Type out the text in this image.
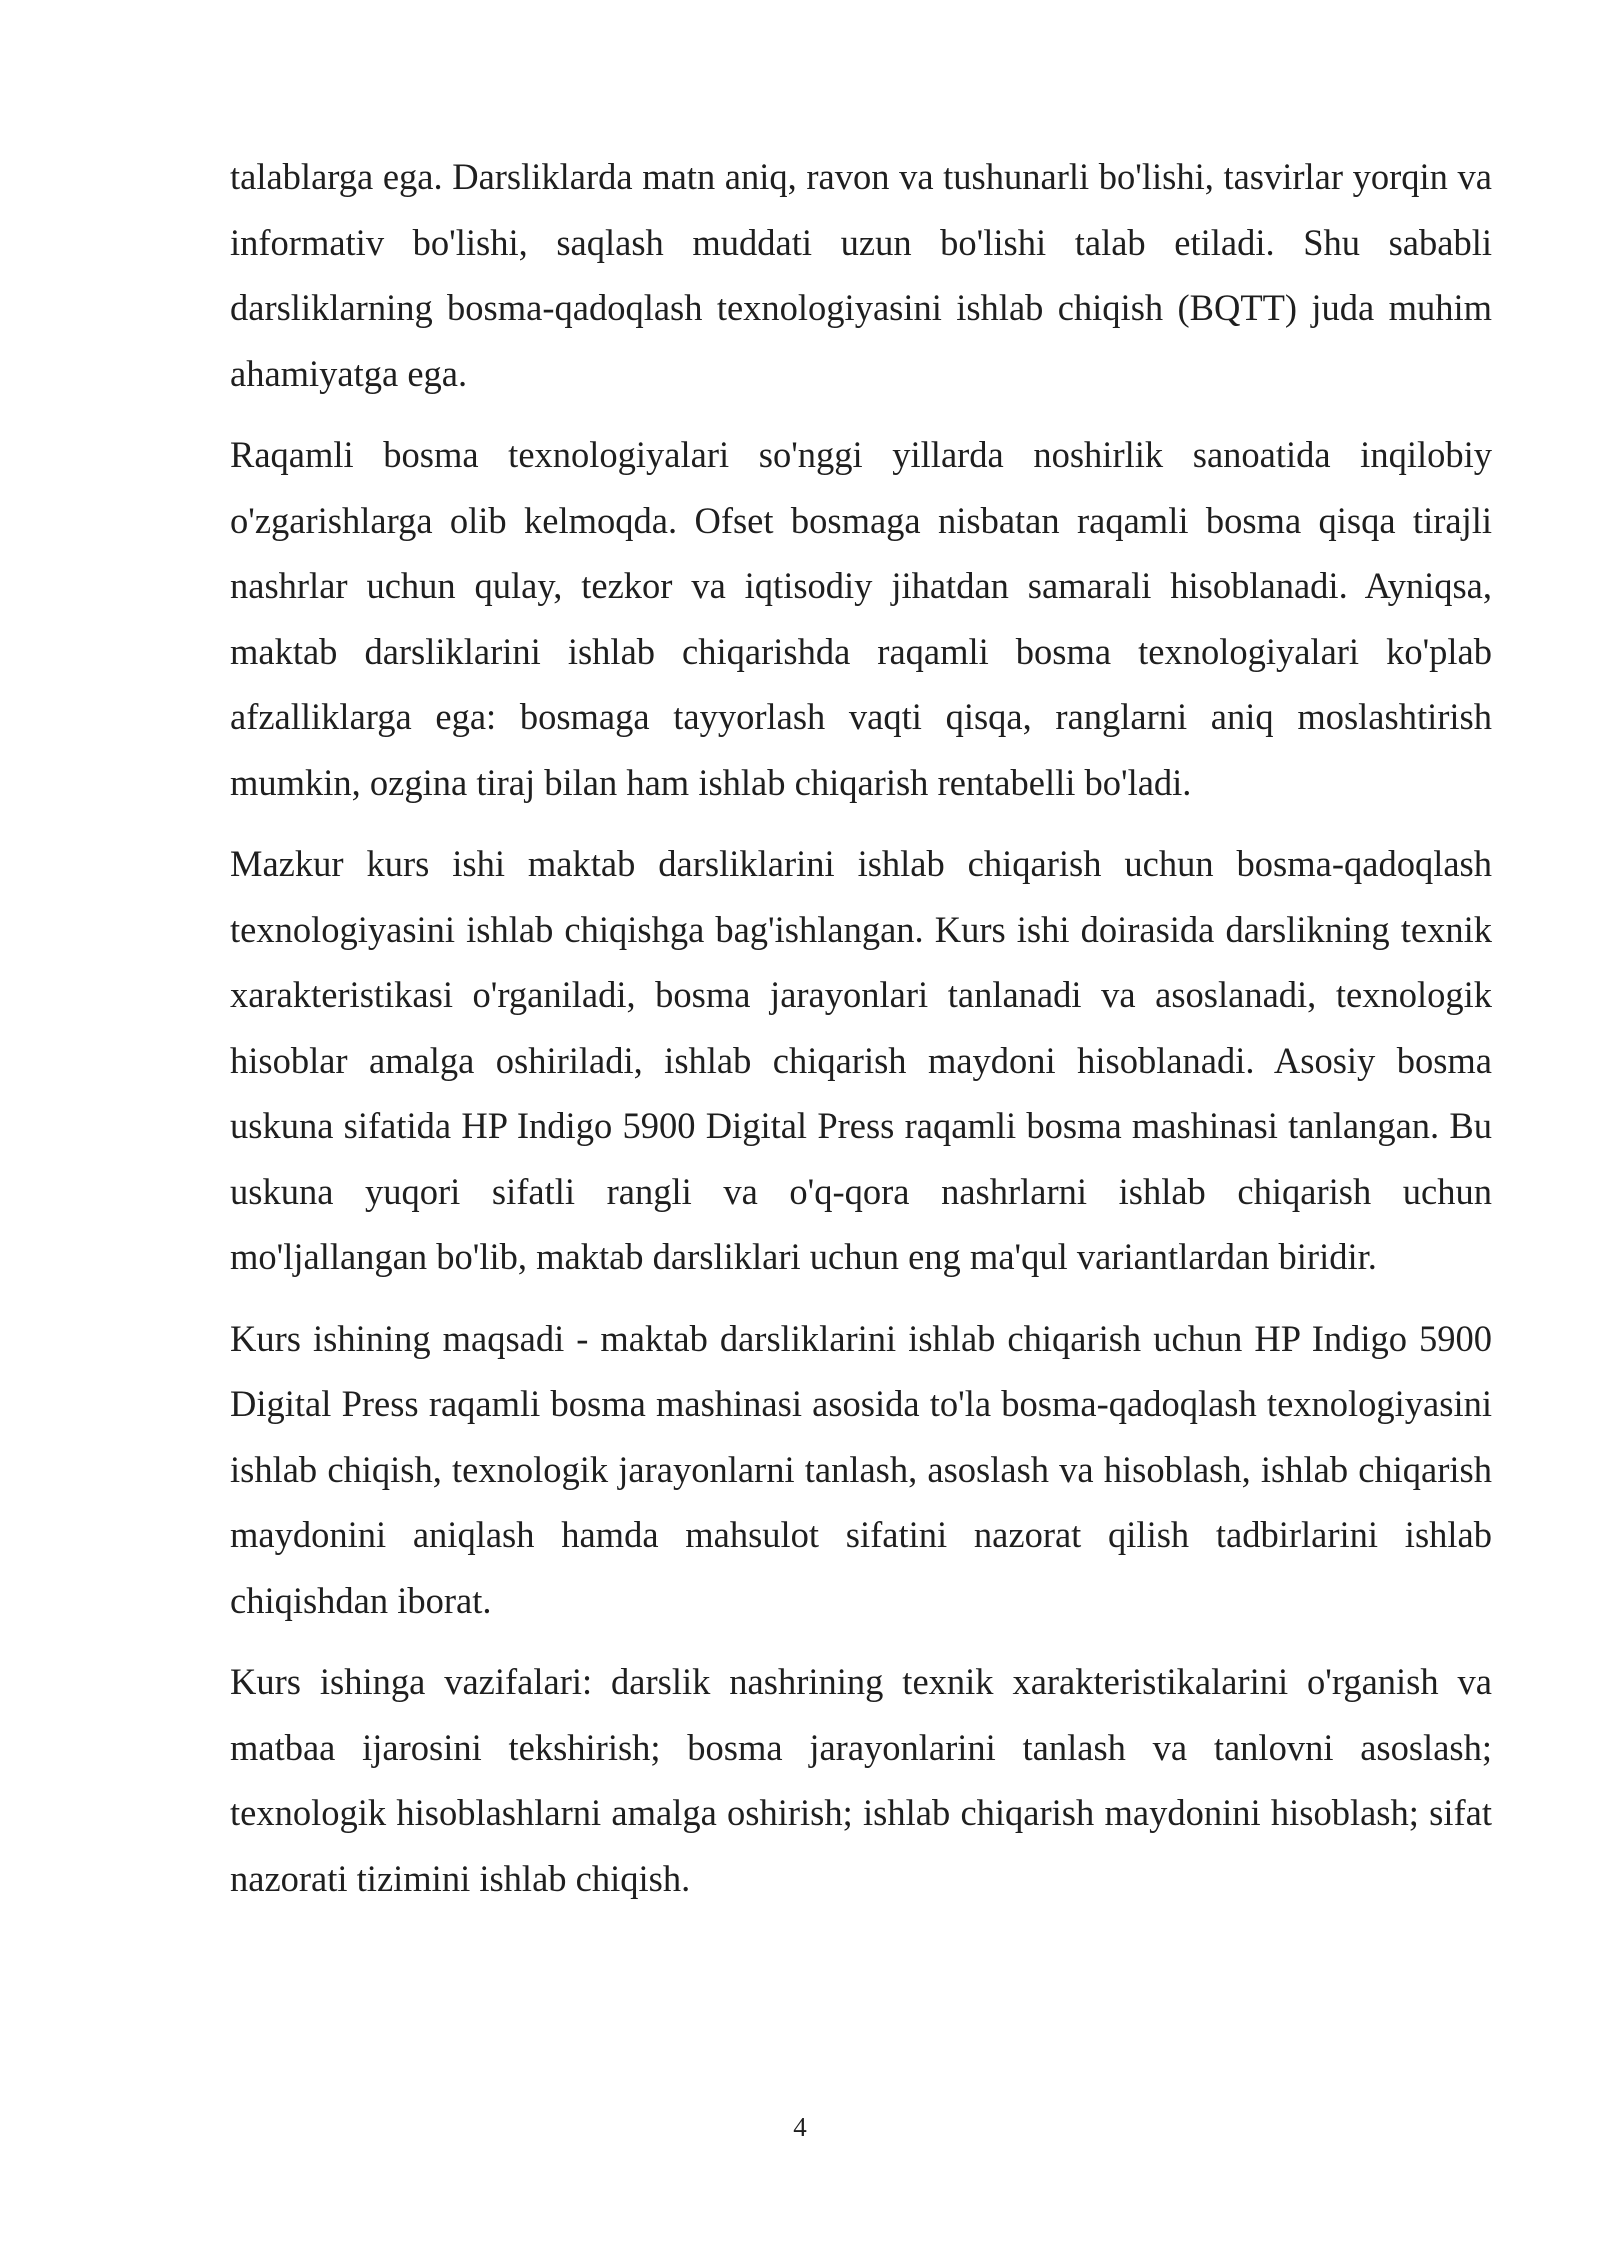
talablarga ega. Darsliklarda matn aniq, ravon va tushunarli bo'lishi, tasvirlar yorqin va informativ bo'lishi, saqlash muddati uzun bo'lishi talab etiladi. Shu sababli darsliklarning bosma-qadoqlash texnologiyasini ishlab chiqish (BQTT) juda muhim ahamiyatga ega.

Raqamli bosma texnologiyalari so'nggi yillarda noshirlik sanoatida inqilobiy o'zgarishlarga olib kelmoqda. Ofset bosmaga nisbatan raqamli bosma qisqa tirajli nashrlar uchun qulay, tezkor va iqtisodiy jihatdan samarali hisoblanadi. Ayniqsa, maktab darsliklarini ishlab chiqarishda raqamli bosma texnologiyalari ko'plab afzalliklarga ega: bosmaga tayyorlash vaqti qisqa, ranglarni aniq moslashtirish mumkin, ozgina tiraj bilan ham ishlab chiqarish rentabelli bo'ladi.

Mazkur kurs ishi maktab darsliklarini ishlab chiqarish uchun bosma-qadoqlash texnologiyasini ishlab chiqishga bag'ishlangan. Kurs ishi doirasida darslikning texnik xarakteristikasi o'rganiladi, bosma jarayonlari tanlanadi va asoslanadi, texnologik hisoblar amalga oshiriladi, ishlab chiqarish maydoni hisoblanadi. Asosiy bosma uskuna sifatida HP Indigo 5900 Digital Press raqamli bosma mashinasi tanlangan. Bu uskuna yuqori sifatli rangli va o'q-qora nashrlarni ishlab chiqarish uchun mo'ljallangan bo'lib, maktab darsliklari uchun eng ma'qul variantlardan biridir.

Kurs ishining maqsadi - maktab darsliklarini ishlab chiqarish uchun HP Indigo 5900 Digital Press raqamli bosma mashinasi asosida to'la bosma-qadoqlash texnologiyasini ishlab chiqish, texnologik jarayonlarni tanlash, asoslash va hisoblash, ishlab chiqarish maydonini aniqlash hamda mahsulot sifatini nazorat qilish tadbirlarini ishlab chiqishdan iborat.

Kurs ishinga vazifalari: darslik nashrining texnik xarakteristikalarini o'rganish va matbaa ijarosini tekshirish; bosma jarayonlarini tanlash va tanlovni asoslash; texnologik hisoblashlarni amalga oshirish; ishlab chiqarish maydonini hisoblash; sifat nazorati tizimini ishlab chiqish.

4
